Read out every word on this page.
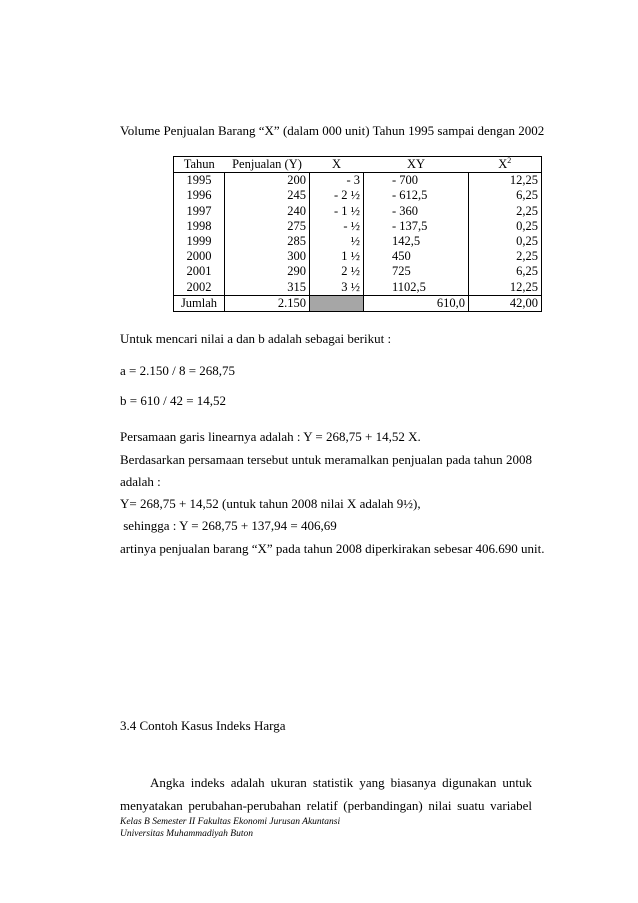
Volume Penjualan Barang “X” (dalam 000 unit) Tahun 1995 sampai dengan 2002
Tahun	Penjualan (Y)	X	XY	$X^2$
1995	200	- 3	- 700	12,25
1996	245	- 2 ½	- 612,5	6,25
1997	240	- 1 ½	- 360	2,25
1998	275	- ½	- 137,5	0,25
1999	285	½	142,5	0,25
2000	300	1 ½	450	2,25
2001	290	2 ½	725	6,25
2002	315	3 ½	1102,5	12,25
Jumlah	2.150		610,0	42,00
Untuk mencari nilai a dan b adalah sebagai berikut :
a = 2.150 / 8 = 268,75
b = 610 / 42 = 14,52
Persamaan garis linearnya adalah : Y = 268,75 + 14,52 X.
Berdasarkan persamaan tersebut untuk meramalkan penjualan pada tahun 2008
adalah :
Y= 268,75 + 14,52 (untuk tahun 2008 nilai X adalah 9½),
sehingga : Y = 268,75 + 137,94 = 406,69
artinya penjualan barang “X” pada tahun 2008 diperkirakan sebesar 406.690 unit.
3.4 Contoh Kasus Indeks Harga
Angka indeks adalah ukuran statistik yang biasanya digunakan untuk
menyatakan perubahan-perubahan relatif (perbandingan) nilai suatu variabel
Kelas B Semester II Fakultas Ekonomi Jurusan Akuntansi
Universitas Muhammadiyah Buton
